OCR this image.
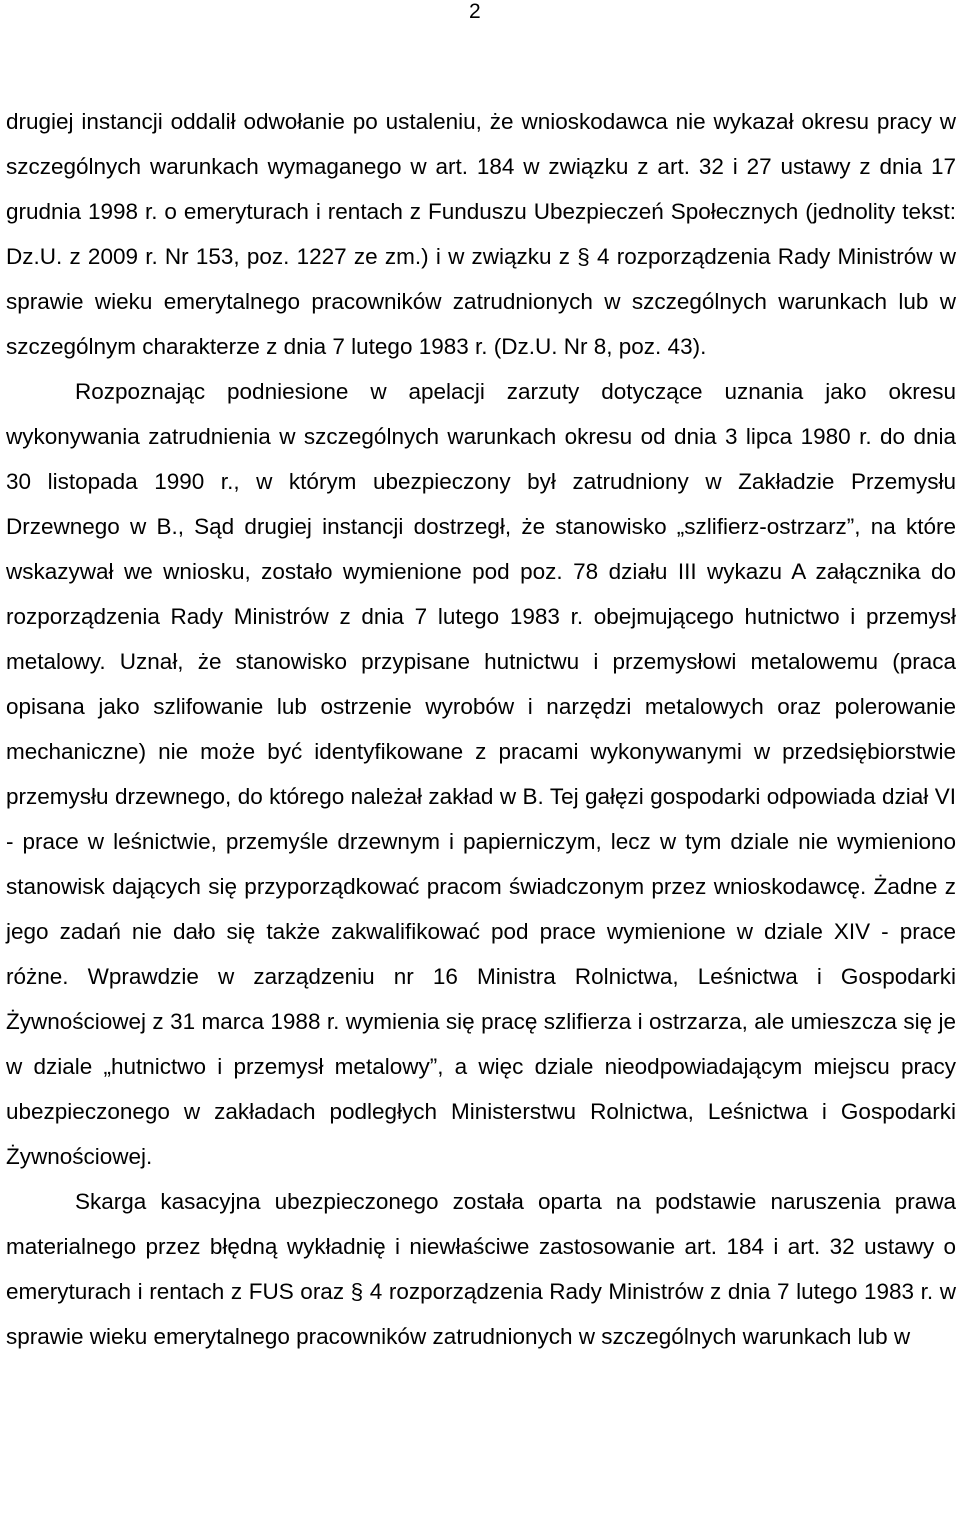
2

drugiej instancji oddalił odwołanie po ustaleniu, że wnioskodawca nie wykazał okresu pracy w szczególnych warunkach wymaganego w art. 184 w związku z art. 32 i 27 ustawy z dnia 17 grudnia 1998 r. o emeryturach i rentach z Funduszu Ubezpieczeń Społecznych (jednolity tekst: Dz.U. z 2009 r. Nr 153, poz. 1227 ze zm.) i w związku z § 4 rozporządzenia Rady Ministrów w sprawie wieku emerytalnego pracowników zatrudnionych w szczególnych warunkach lub w szczególnym charakterze z dnia 7 lutego 1983 r. (Dz.U. Nr 8, poz. 43).

Rozpoznając podniesione w apelacji zarzuty dotyczące uznania jako okresu wykonywania zatrudnienia w szczególnych warunkach okresu od dnia 3 lipca 1980 r. do dnia 30 listopada 1990 r., w którym ubezpieczony był zatrudniony w Zakładzie Przemysłu Drzewnego w B., Sąd drugiej instancji dostrzegł, że stanowisko „szlifierz-ostrzarz”, na które wskazywał we wniosku, zostało wymienione pod poz. 78 działu III wykazu A załącznika do rozporządzenia Rady Ministrów z dnia 7 lutego 1983 r. obejmującego hutnictwo i przemysł metalowy. Uznał, że stanowisko przypisane hutnictwu i przemysłowi metalowemu (praca opisana jako szlifowanie lub ostrzenie wyrobów i narzędzi metalowych oraz polerowanie mechaniczne) nie może być identyfikowane z pracami wykonywanymi w przedsiębiorstwie przemysłu drzewnego, do którego należał zakład w B. Tej gałęzi gospodarki odpowiada dział VI - prace w leśnictwie, przemyśle drzewnym i papierniczym, lecz w tym dziale nie wymieniono stanowisk dających się przyporządkować pracom świadczonym przez wnioskodawcę. Żadne z jego zadań nie dało się także zakwalifikować pod prace wymienione w dziale XIV - prace różne. Wprawdzie w zarządzeniu nr 16 Ministra Rolnictwa, Leśnictwa i Gospodarki Żywnościowej z 31 marca 1988 r. wymienia się pracę szlifierza i ostrzarza, ale umieszcza się je w dziale „hutnictwo i przemysł metalowy”, a więc dziale nieodpowiadającym miejscu pracy ubezpieczonego w zakładach podległych Ministerstwu Rolnictwa, Leśnictwa i Gospodarki Żywnościowej.

Skarga kasacyjna ubezpieczonego została oparta na podstawie naruszenia prawa materialnego przez błędną wykładnię i niewłaściwe zastosowanie art. 184 i art. 32 ustawy o emeryturach i rentach z FUS oraz § 4 rozporządzenia Rady Ministrów z dnia 7 lutego 1983 r. w sprawie wieku emerytalnego pracowników zatrudnionych w szczególnych warunkach lub w
